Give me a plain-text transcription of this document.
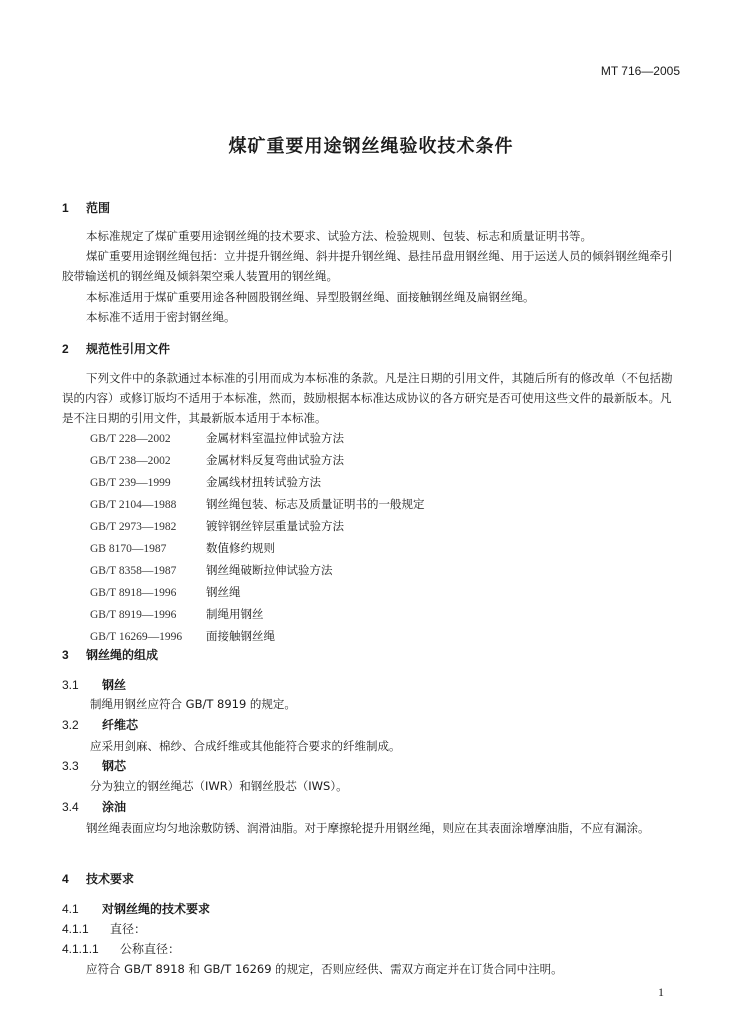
MT 716—2005
煤矿重要用途钢丝绳验收技术条件
1 范围
本标准规定了煤矿重要用途钢丝绳的技术要求、试验方法、检验规则、包装、标志和质量证明书等。
煤矿重要用途钢丝绳包括：立井提升钢丝绳、斜井提升钢丝绳、悬挂吊盘用钢丝绳、用于运送人员的倾斜钢丝绳牵引胶带输送机的钢丝绳及倾斜架空乘人装置用的钢丝绳。
本标准适用于煤矿重要用途各种圆股钢丝绳、异型股钢丝绳、面接触钢丝绳及扁钢丝绳。
本标准不适用于密封钢丝绳。
2 规范性引用文件
下列文件中的条款通过本标准的引用而成为本标准的条款。凡是注日期的引用文件，其随后所有的修改单（不包括勘误的内容）或修订版均不适用于本标准，然而，鼓励根据本标准达成协议的各方研究是否可使用这些文件的最新版本。凡是不注日期的引用文件，其最新版本适用于本标准。
GB/T 228—2002	金属材料室温拉伸试验方法
GB/T 238—2002	金属材料反复弯曲试验方法
GB/T 239—1999	金属线材扭转试验方法
GB/T 2104—1988	钢丝绳包装、标志及质量证明书的一般规定
GB/T 2973—1982	镀锌钢丝锌层重量试验方法
GB 8170—1987	数值修约规则
GB/T 8358—1987	钢丝绳破断拉伸试验方法
GB/T 8918—1996	钢丝绳
GB/T 8919—1996	制绳用钢丝
GB/T 16269—1996 面接触钢丝绳
3 钢丝绳的组成
3.1 钢丝
制绳用钢丝应符合 GB/T 8919 的规定。
3.2 纤维芯
应采用剑麻、棉纱、合成纤维或其他能符合要求的纤维制成。
3.3 钢芯
分为独立的钢丝绳芯（IWR）和钢丝股芯（IWS）。
3.4 涂油
钢丝绳表面应均匀地涂敷防锈、润滑油脂。对于摩擦轮提升用钢丝绳，则应在其表面涂增摩油脂，不应有漏涂。
4 技术要求
4.1 对钢丝绳的技术要求
4.1.1 直径：
4.1.1.1 公称直径：
应符合 GB/T 8918 和 GB/T 16269 的规定，否则应经供、需双方商定并在订货合同中注明。
1
